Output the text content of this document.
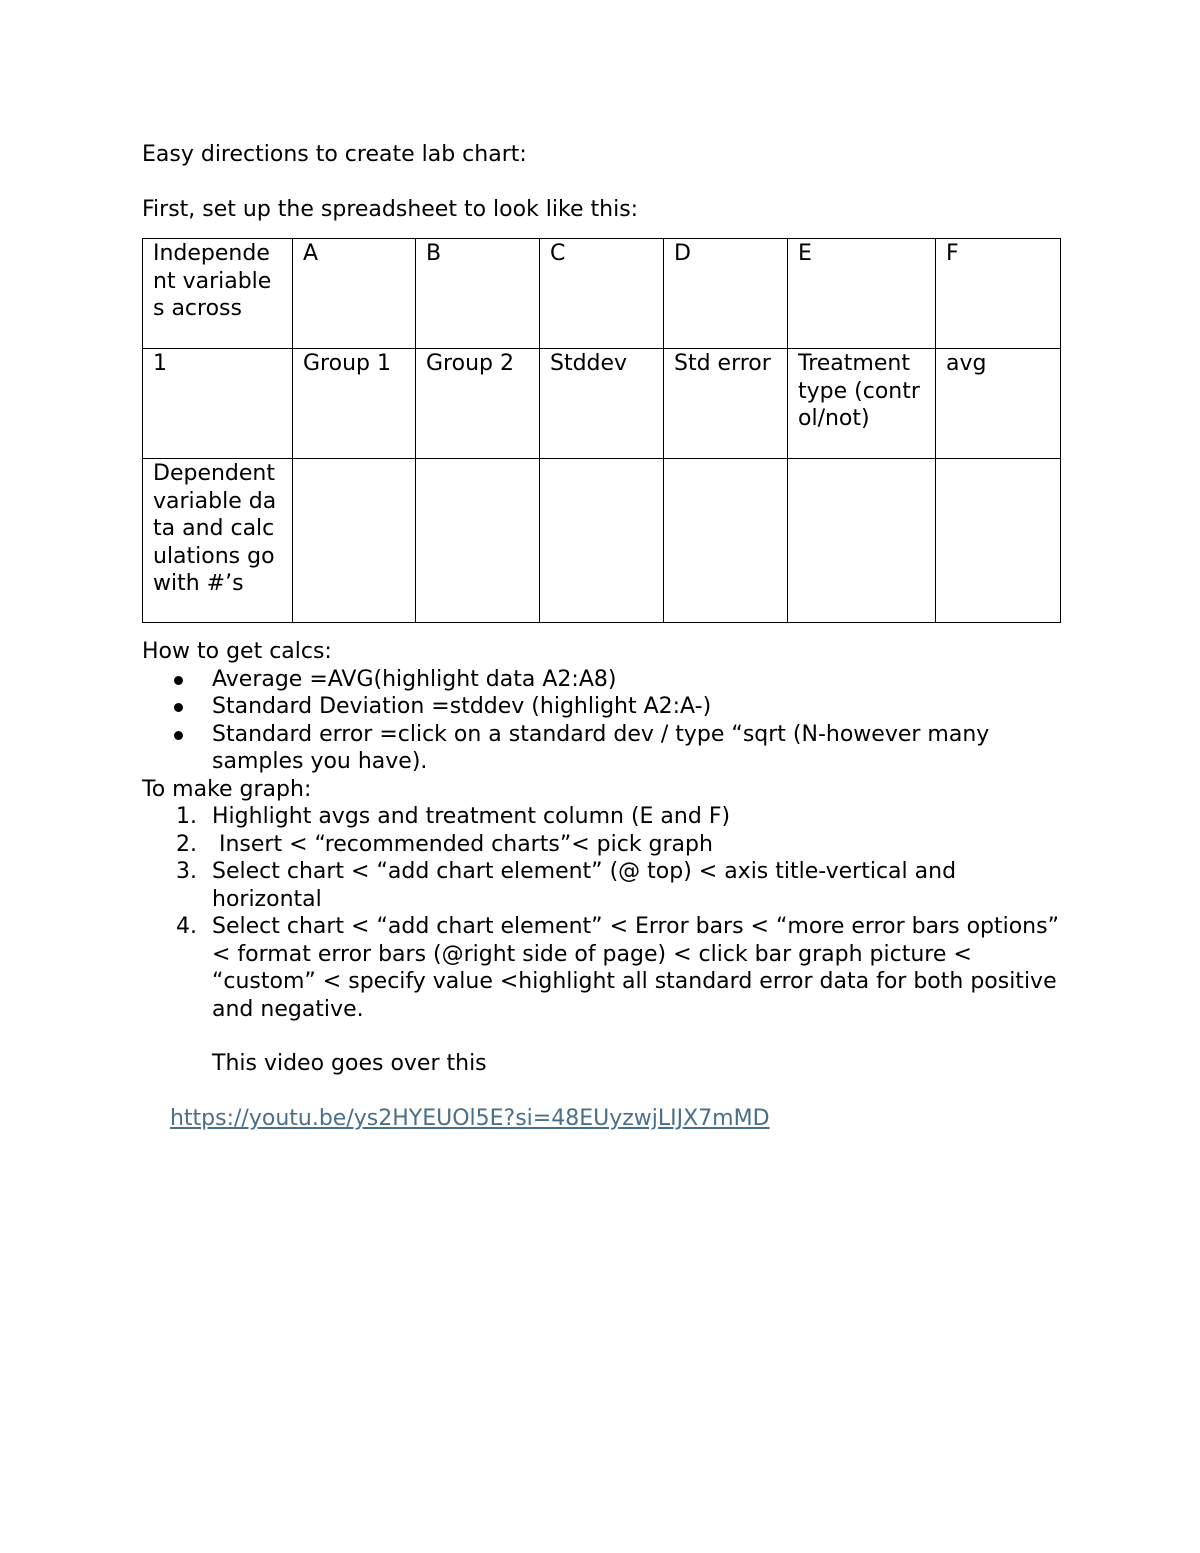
Easy directions to create lab chart:

First, set up the spreadsheet to look like this:

Independent variables across	A	B	C	D	E	F
1	Group 1	Group 2	Stddev	Std error	Treatment type (control/not)	avg
Dependent variable data and calculations go with #’s						

How to get calcs:

Average =AVG(highlight data A2:A8)
Standard Deviation =stddev (highlight A2:A-)
Standard error =click on a standard dev / type “sqrt (N-however many samples you have).

To make graph:

1. Highlight avgs and treatment column (E and F)
2. Insert < “recommended charts”< pick graph
3. Select chart < “add chart element” (@ top) < axis title-vertical and horizontal
4. Select chart < “add chart element” < Error bars < “more error bars options” < format error bars (@right side of page) < click bar graph picture < “custom” < specify value <highlight all standard error data for both positive and negative.

This video goes over this

https://youtu.be/ys2HYEUOl5E?si=48EUyzwjLIJX7mMD
